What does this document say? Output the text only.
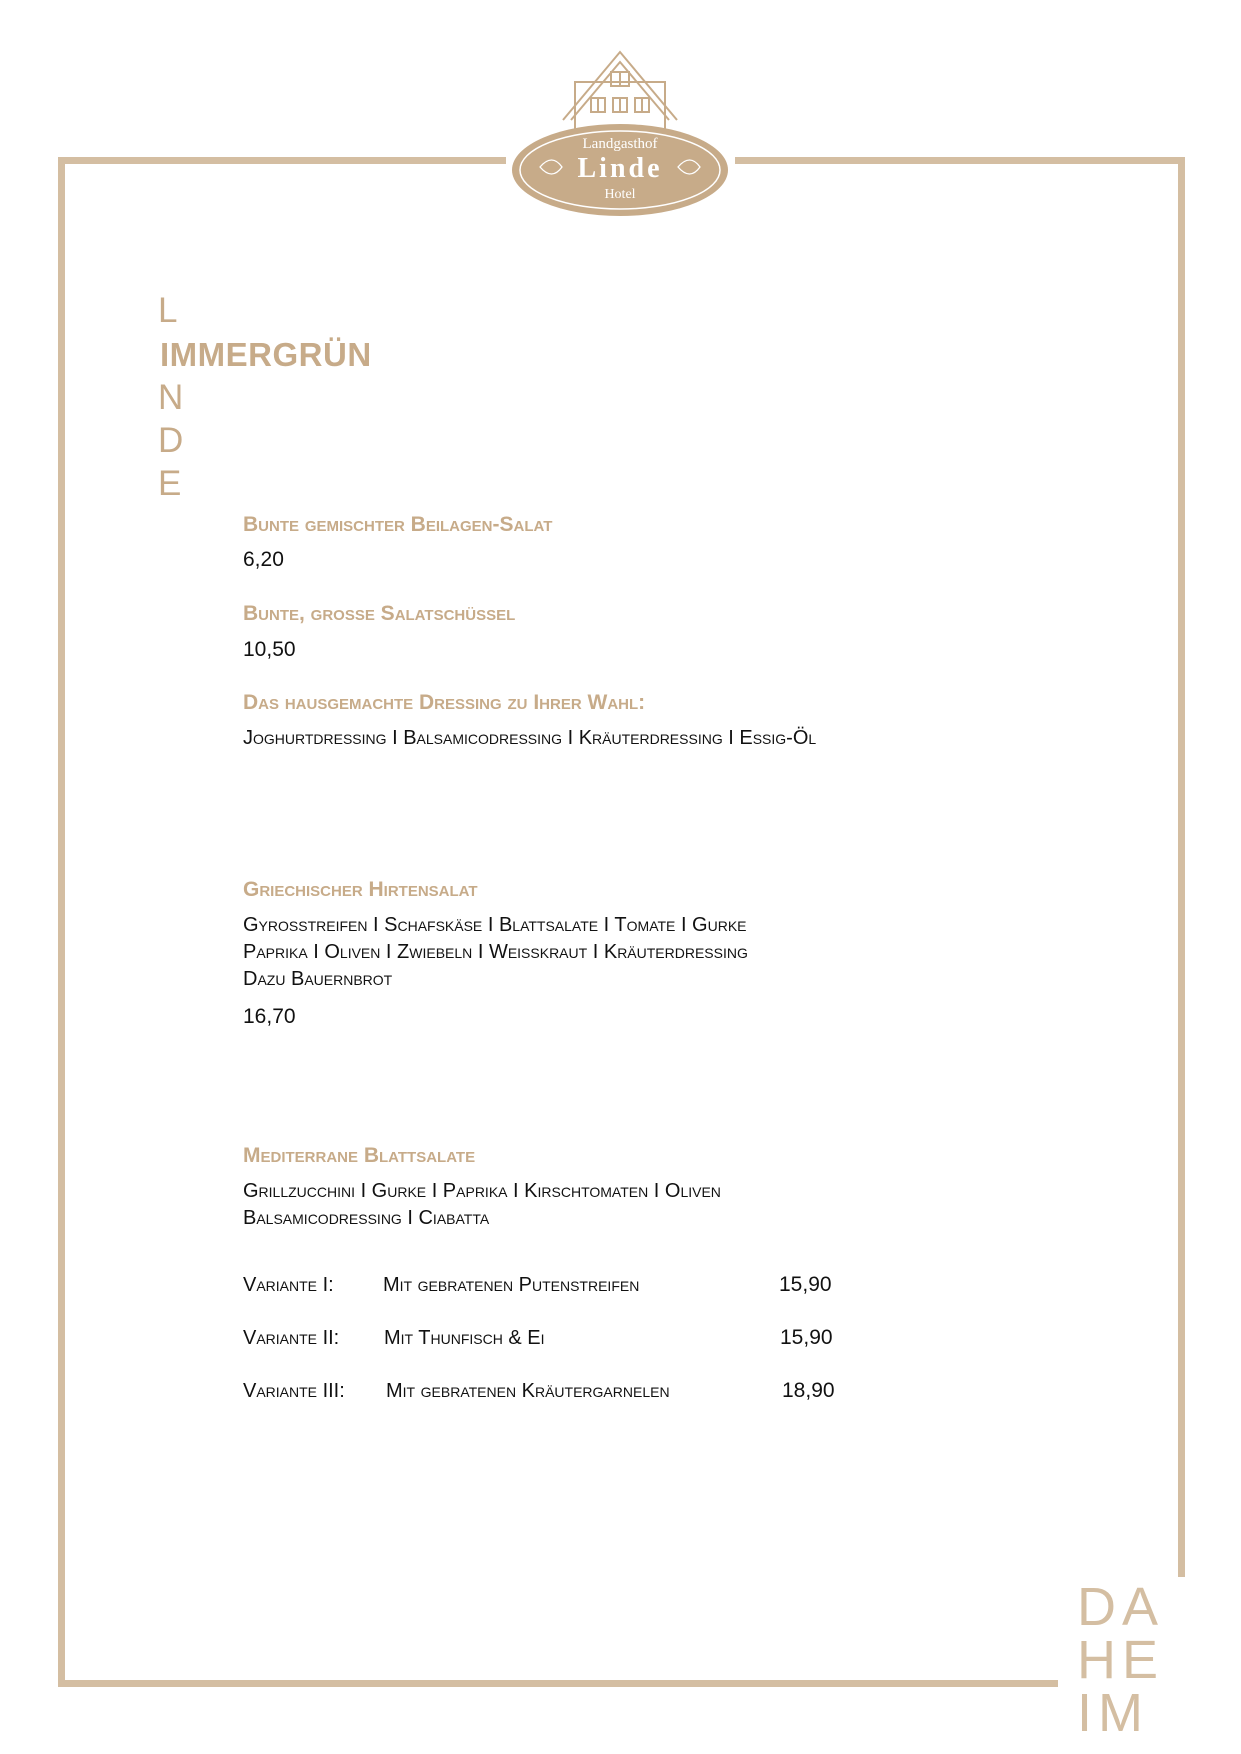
Landgasthof
Linde
Hotel
L
IMMERGRÜN
N
D
E
Bunte gemischter Beilagen-Salat
6,20
Bunte, große Salatschüssel
10,50
Das hausgemachte Dressing zu Ihrer Wahl:
Joghurtdressing I Balsamicodressing I Kräuterdressing I Essig-Öl
Griechischer Hirtensalat
Gyrosstreifen I Schafskäse I Blattsalate I Tomate I Gurke
Paprika I Oliven I Zwiebeln I Weißkraut I Kräuterdressing
Dazu Bauernbrot
16,70
Mediterrane Blattsalate
Grillzucchini I Gurke I Paprika I Kirschtomaten I Oliven
Balsamicodressing I Ciabatta
Variante I: Mit gebratenen Putenstreifen	15,90
Variante II: Mit Thunfisch & Ei	15,90
Variante III: Mit gebratenen Kräutergarnelen	18,90
DA
HE
IM
